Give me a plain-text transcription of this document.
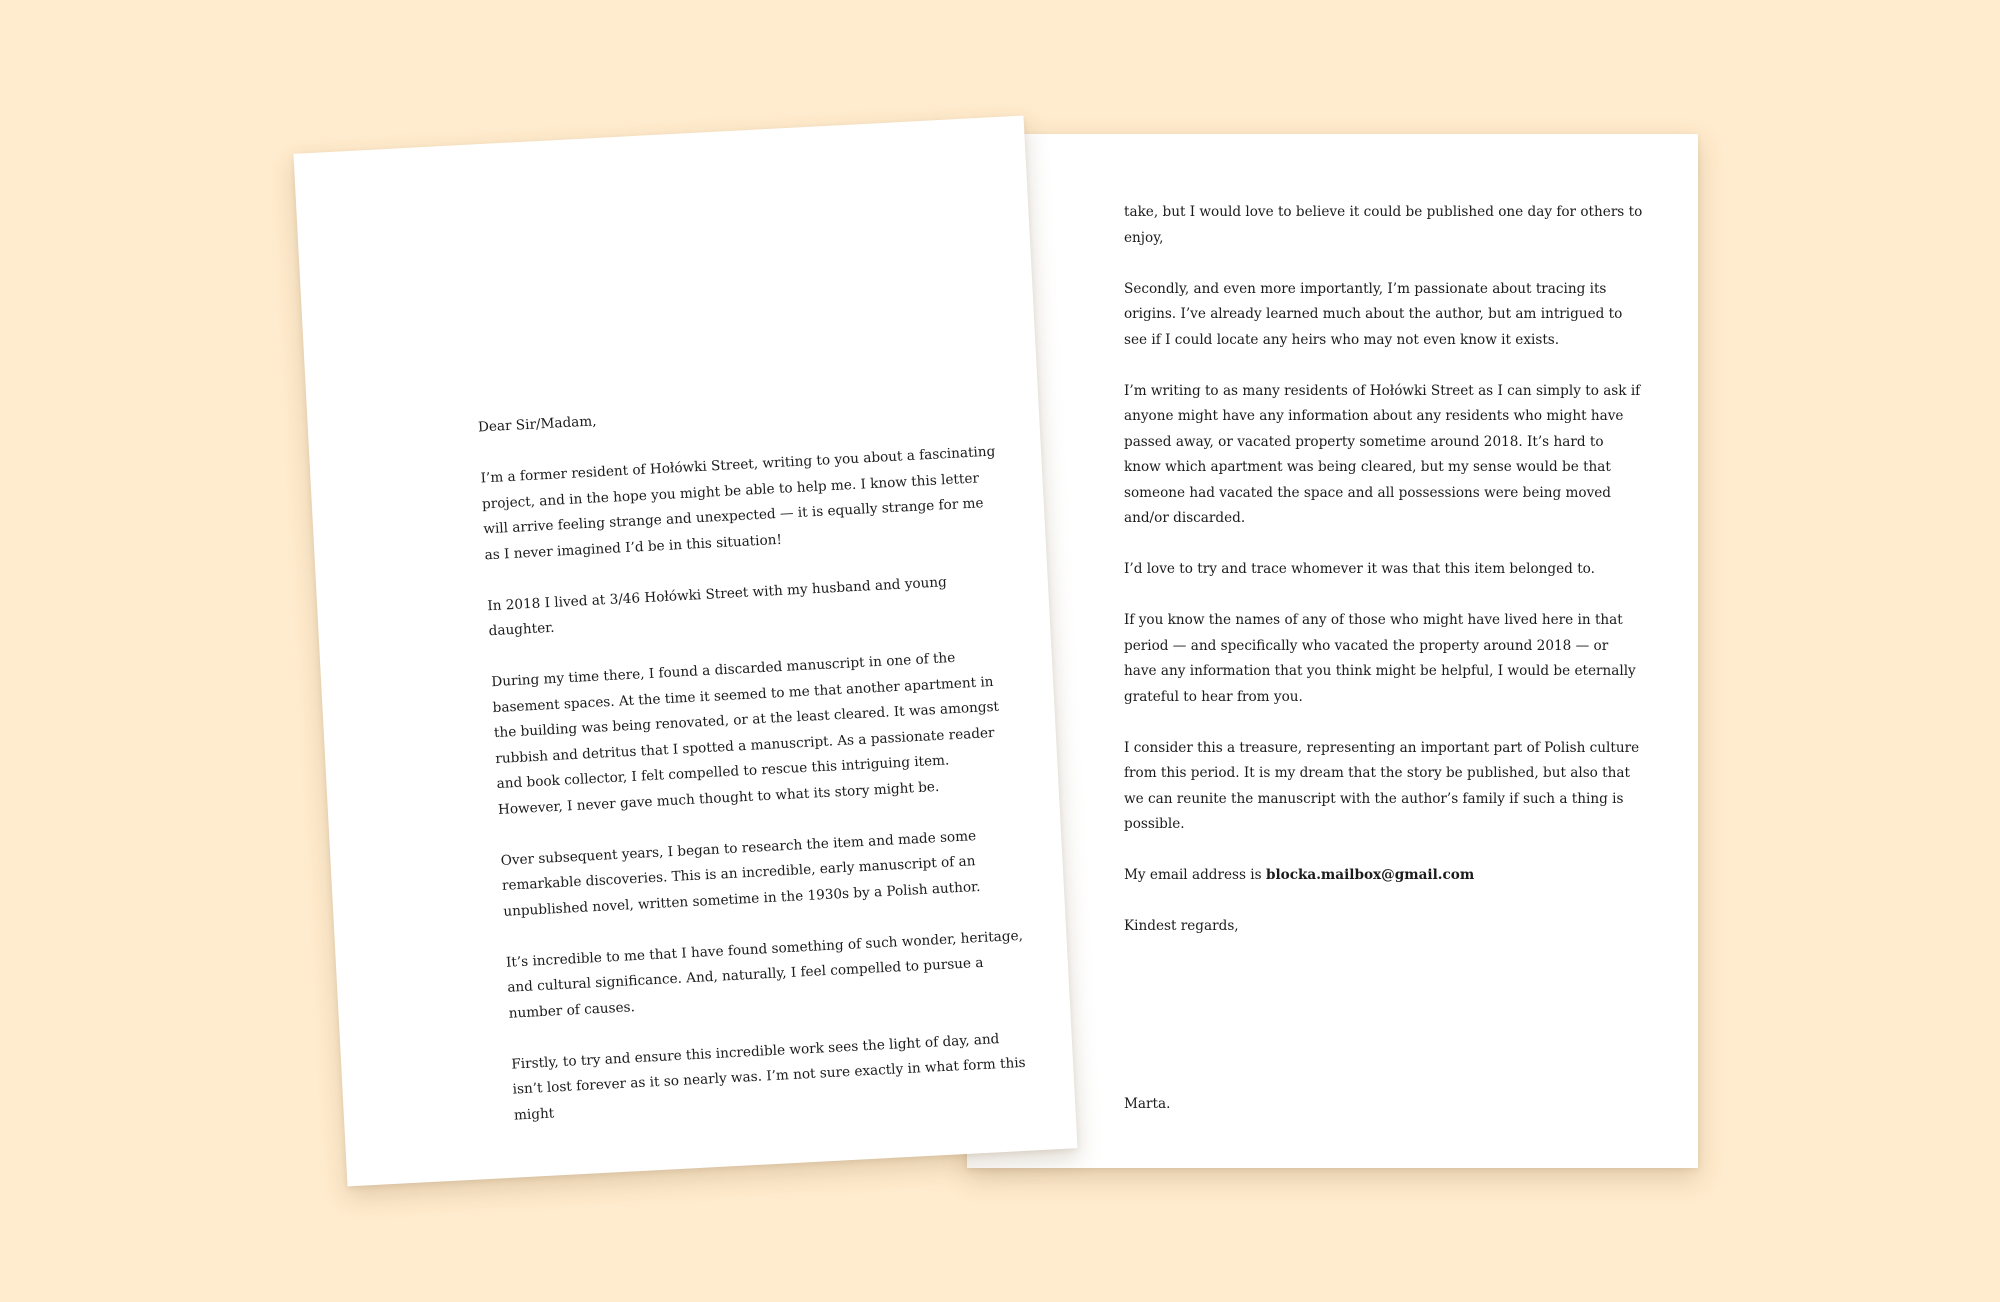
take, but I would love to believe it could be published one day for others to enjoy,

Secondly, and even more importantly, I’m passionate about tracing its origins. I’ve already learned much about the author, but am intrigued to see if I could locate any heirs who may not even know it exists.

I’m writing to as many residents of Hołówki Street as I can simply to ask if anyone might have any information about any residents who might have passed away, or vacated property sometime around 2018. It’s hard to know which apartment was being cleared, but my sense would be that someone had vacated the space and all possessions were being moved and/or discarded.

I’d love to try and trace whomever it was that this item belonged to.

If you know the names of any of those who might have lived here in that period — and specifically who vacated the property around 2018 — or have any information that you think might be helpful, I would be eternally grateful to hear from you.

I consider this a treasure, representing an important part of Polish culture from this period. It is my dream that the story be published, but also that we can reunite the manuscript with the author’s family if such a thing is possible.

My email address is blocka.mailbox@gmail.com

Kindest regards,

Marta.

Dear Sir/Madam,

I’m a former resident of Hołówki Street, writing to you about a fascinating project, and in the hope you might be able to help me. I know this letter will arrive feeling strange and unexpected — it is equally strange for me as I never imagined I’d be in this situation!

In 2018 I lived at 3/46 Hołówki Street with my husband and young daughter.

During my time there, I found a discarded manuscript in one of the basement spaces. At the time it seemed to me that another apartment in the building was being renovated, or at the least cleared. It was amongst rubbish and detritus that I spotted a manuscript. As a passionate reader and book collector, I felt compelled to rescue this intriguing item. However, I never gave much thought to what its story might be.

Over subsequent years, I began to research the item and made some remarkable discoveries. This is an incredible, early manuscript of an unpublished novel, written sometime in the 1930s by a Polish author.

It’s incredible to me that I have found something of such wonder, heritage, and cultural significance. And, naturally, I feel compelled to pursue a number of causes.

Firstly, to try and ensure this incredible work sees the light of day, and isn’t lost forever as it so nearly was. I’m not sure exactly in what form this might
